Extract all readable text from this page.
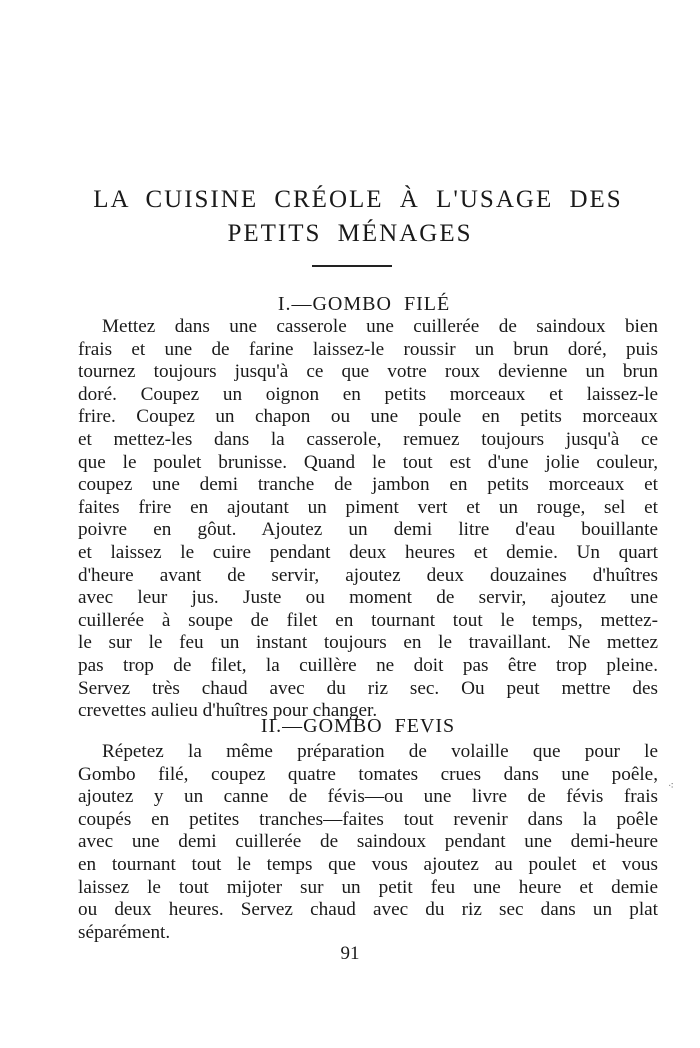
LA CUISINE CRÉOLE À L'USAGE DES
PETITS MÉNAGES
I.—GOMBO FILÉ
Mettez dans une casserole une cuillerée de saindoux bien
frais et une de farine laissez-le roussir un brun doré, puis
tournez toujours jusqu'à ce que votre roux devienne un brun
doré. Coupez un oignon en petits morceaux et laissez-le
frire. Coupez un chapon ou une poule en petits morceaux
et mettez-les dans la casserole, remuez toujours jusqu'à ce
que le poulet brunisse. Quand le tout est d'une jolie couleur,
coupez une demi tranche de jambon en petits morceaux et
faites frire en ajoutant un piment vert et un rouge, sel et
poivre en gôut. Ajoutez un demi litre d'eau bouillante
et laissez le cuire pendant deux heures et demie. Un quart
d'heure avant de servir, ajoutez deux douzaines d'huîtres
avec leur jus. Juste ou moment de servir, ajoutez une
cuillerée à soupe de filet en tournant tout le temps, mettez-
le sur le feu un instant toujours en le travaillant. Ne mettez
pas trop de filet, la cuillère ne doit pas être trop pleine.
Servez très chaud avec du riz sec. Ou peut mettre des
crevettes aulieu d'huîtres pour changer.
II.—GOMBO FEVIS
Répetez la même préparation de volaille que pour le
Gombo filé, coupez quatre tomates crues dans une poêle,
ajoutez y un canne de févis—ou une livre de févis frais
coupés en petites tranches—faites tout revenir dans la poêle
avec une demi cuillerée de saindoux pendant une demi-heure
en tournant tout le temps que vous ajoutez au poulet et vous
laissez le tout mijoter sur un petit feu une heure et demie
ou deux heures. Servez chaud avec du riz sec dans un plat
séparément.
⁖
91
